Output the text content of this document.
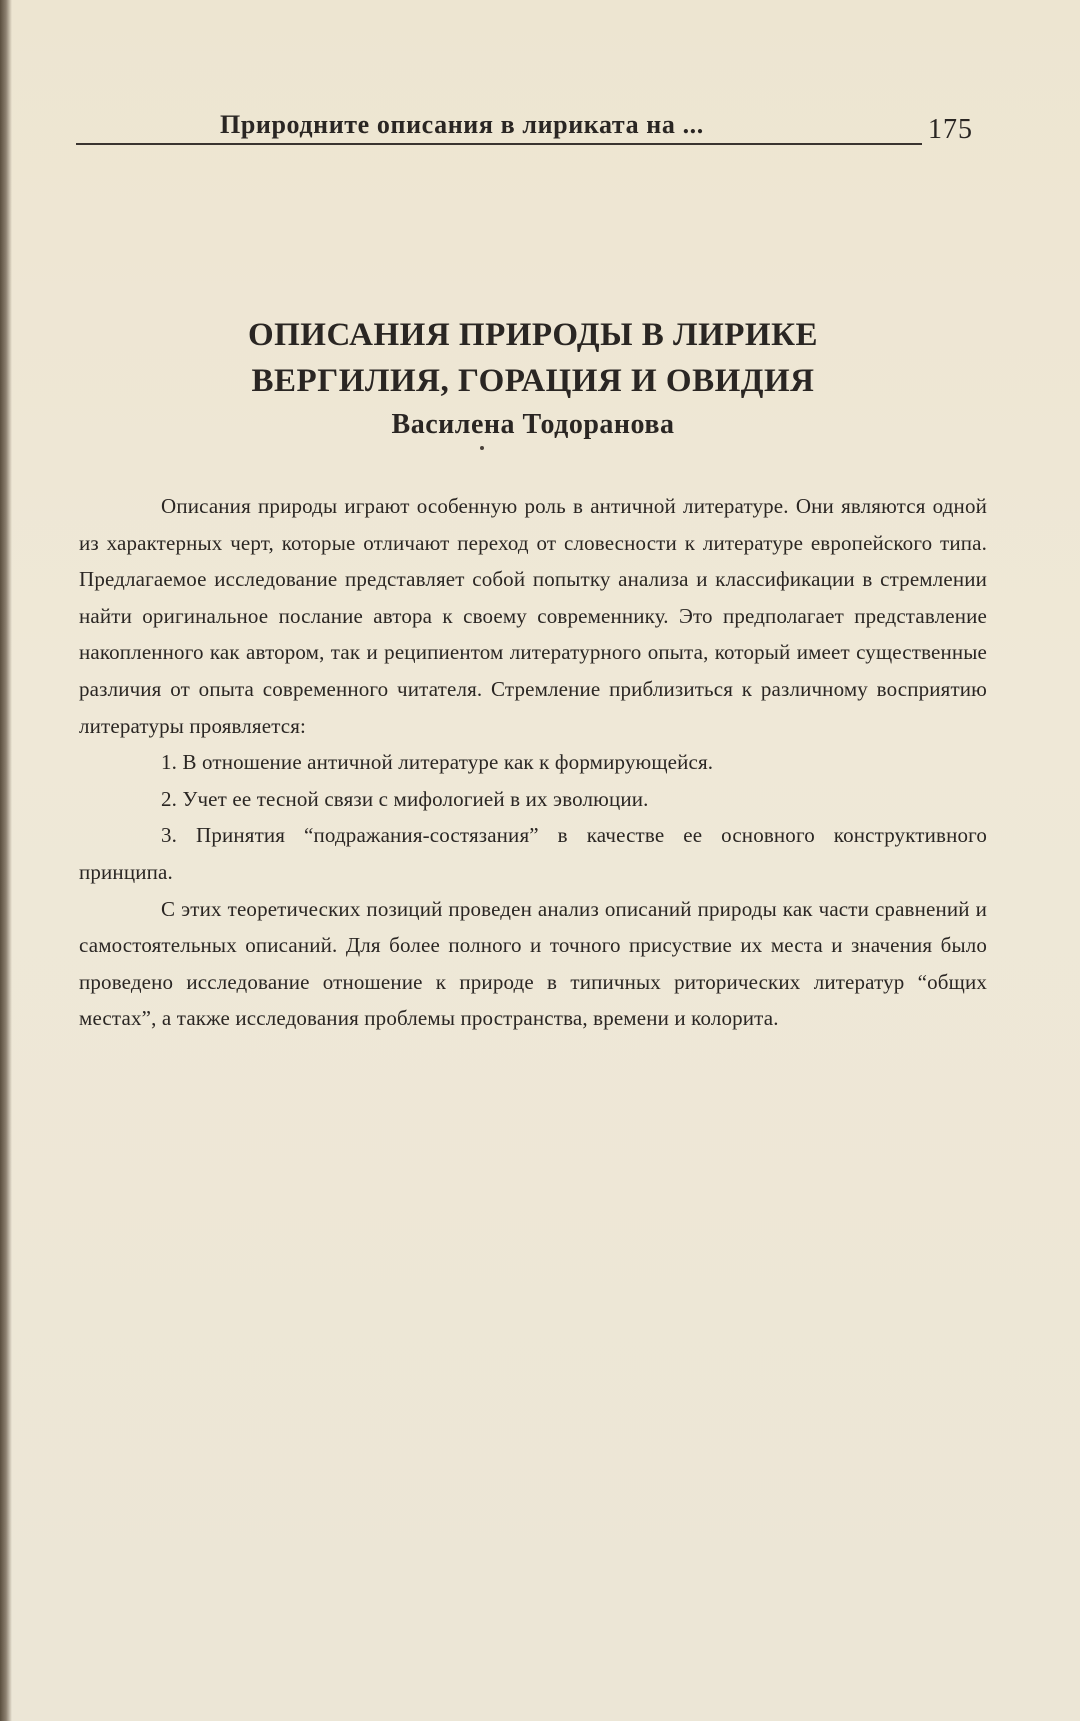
Природните описания в лириката на ...	175
ОПИСАНИЯ ПРИРОДЫ В ЛИРИКЕ
ВЕРГИЛИЯ, ГОРАЦИЯ И ОВИДИЯ
Василена Тодоранова

Описания природы играют особенную роль в античной литературе. Они являются одной из характерных черт, которые отличают переход от словесности к литературе европейского типа. Предлагаемое исследование представляет собой попытку анализа и классификации в стремлении найти оригинальное послание автора к своему современнику. Это предполагает представление накопленного как автором, так и реципиентом литературного опыта, который имеет существенные различия от опыта современного читателя. Стремление приблизиться к различному восприятию литературы проявляется:

1. В отношение античной литературе как к формирующейся.

2. Учет ее тесной связи с мифологией в их эволюции.

3. Принятия “подражания-состязания” в качестве ее основного конструктивного принципа.

С этих теоретических позиций проведен анализ описаний природы как части сравнений и самостоятельных описаний. Для более полного и точного присуствие их места и значения было проведено исследование отношение к природе в типичных риторических литератур “общих местах”, а также исследования проблемы пространства, времени и колорита.
